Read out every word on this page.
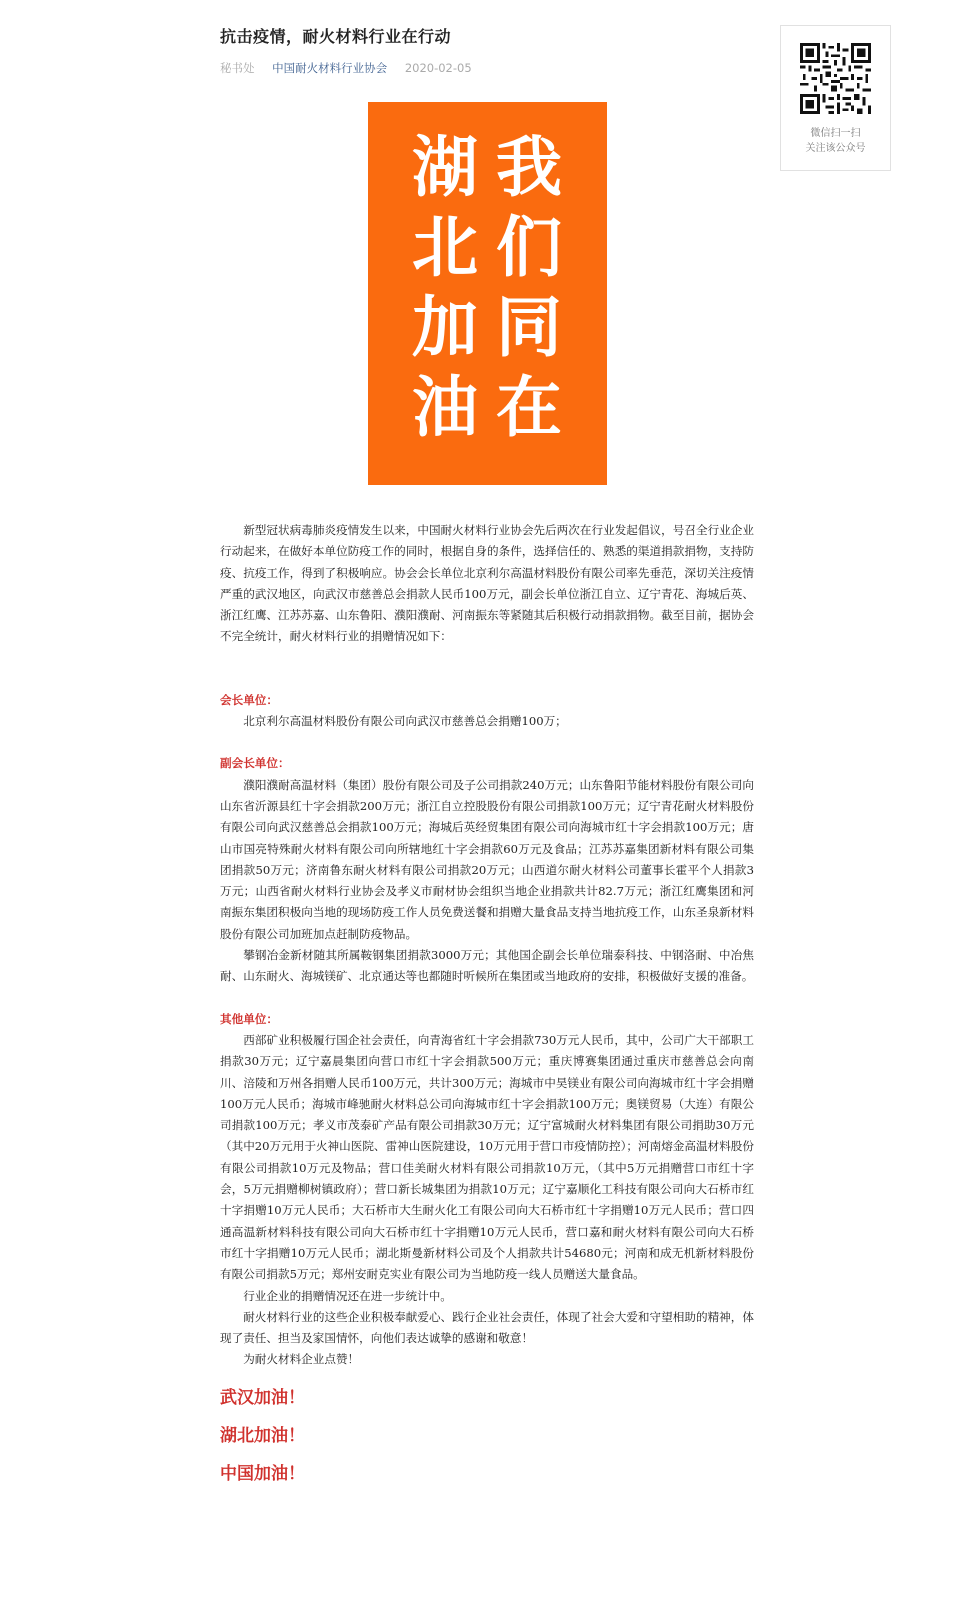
抗击疫情，耐火材料行业在行动
秘书处 中国耐火材料行业协会 2020-02-05
湖
北
加
油
我
们
同
在
微信扫一扫
关注该公众号

新型冠状病毒肺炎疫情发生以来，中国耐火材料行业协会先后两次在行业发起倡议，号召全行业企业行动起来，在做好本单位防疫工作的同时，根据自身的条件，选择信任的、熟悉的渠道捐款捐物，支持防疫、抗疫工作，得到了积极响应。协会会长单位北京利尔高温材料股份有限公司率先垂范，深切关注疫情严重的武汉地区，向武汉市慈善总会捐款人民币100万元，副会长单位浙江自立、辽宁青花、海城后英、浙江红鹰、江苏苏嘉、山东鲁阳、濮阳濮耐、河南振东等紧随其后积极行动捐款捐物。截至目前，据协会不完全统计，耐火材料行业的捐赠情况如下：

会长单位：

北京利尔高温材料股份有限公司向武汉市慈善总会捐赠100万；

副会长单位：

濮阳濮耐高温材料（集团）股份有限公司及子公司捐款240万元；山东鲁阳节能材料股份有限公司向山东省沂源县红十字会捐款200万元；浙江自立控股股份有限公司捐款100万元；辽宁青花耐火材料股份有限公司向武汉慈善总会捐款100万元；海城后英经贸集团有限公司向海城市红十字会捐款100万元；唐山市国亮特殊耐火材料有限公司向所辖地红十字会捐款60万元及食品；江苏苏嘉集团新材料有限公司集团捐款50万元；济南鲁东耐火材料有限公司捐款20万元；山西道尔耐火材料公司董事长霍平个人捐款3万元；山西省耐火材料行业协会及孝义市耐材协会组织当地企业捐款共计82.7万元；浙江红鹰集团和河南振东集团积极向当地的现场防疫工作人员免费送餐和捐赠大量食品支持当地抗疫工作，山东圣泉新材料股份有限公司加班加点赶制防疫物品。

攀钢冶金新材随其所属鞍钢集团捐款3000万元；其他国企副会长单位瑞泰科技、中钢洛耐、中冶焦耐、山东耐火、海城镁矿、北京通达等也都随时听候所在集团或当地政府的安排，积极做好支援的准备。

其他单位：

西部矿业积极履行国企社会责任，向青海省红十字会捐款730万元人民币，其中，公司广大干部职工捐款30万元；辽宁嘉晨集团向营口市红十字会捐款500万元；重庆博赛集团通过重庆市慈善总会向南川、涪陵和万州各捐赠人民币100万元，共计300万元；海城市中昊镁业有限公司向海城市红十字会捐赠100万元人民币；海城市峰驰耐火材料总公司向海城市红十字会捐款100万元；奥镁贸易（大连）有限公司捐款100万元；孝义市茂泰矿产品有限公司捐款30万元；辽宁富城耐火材料集团有限公司捐助30万元（其中20万元用于火神山医院、雷神山医院建设，10万元用于营口市疫情防控）；河南熔金高温材料股份有限公司捐款10万元及物品；营口佳美耐火材料有限公司捐款10万元，（其中5万元捐赠营口市红十字会，5万元捐赠柳树镇政府）；营口新长城集团为捐款10万元；辽宁嘉顺化工科技有限公司向大石桥市红十字捐赠10万元人民币；大石桥市大生耐火化工有限公司向大石桥市红十字捐赠10万元人民币；营口四通高温新材料科技有限公司向大石桥市红十字捐赠10万元人民币，营口嘉和耐火材料有限公司向大石桥市红十字捐赠10万元人民币；湖北斯曼新材料公司及个人捐款共计54680元；河南和成无机新材料股份有限公司捐款5万元；郑州安耐克实业有限公司为当地防疫一线人员赠送大量食品。

行业企业的捐赠情况还在进一步统计中。

耐火材料行业的这些企业积极奉献爱心、践行企业社会责任，体现了社会大爱和守望相助的精神，体现了责任、担当及家国情怀，向他们表达诚挚的感谢和敬意！

为耐火材料企业点赞！

武汉加油！

湖北加油！

中国加油！
